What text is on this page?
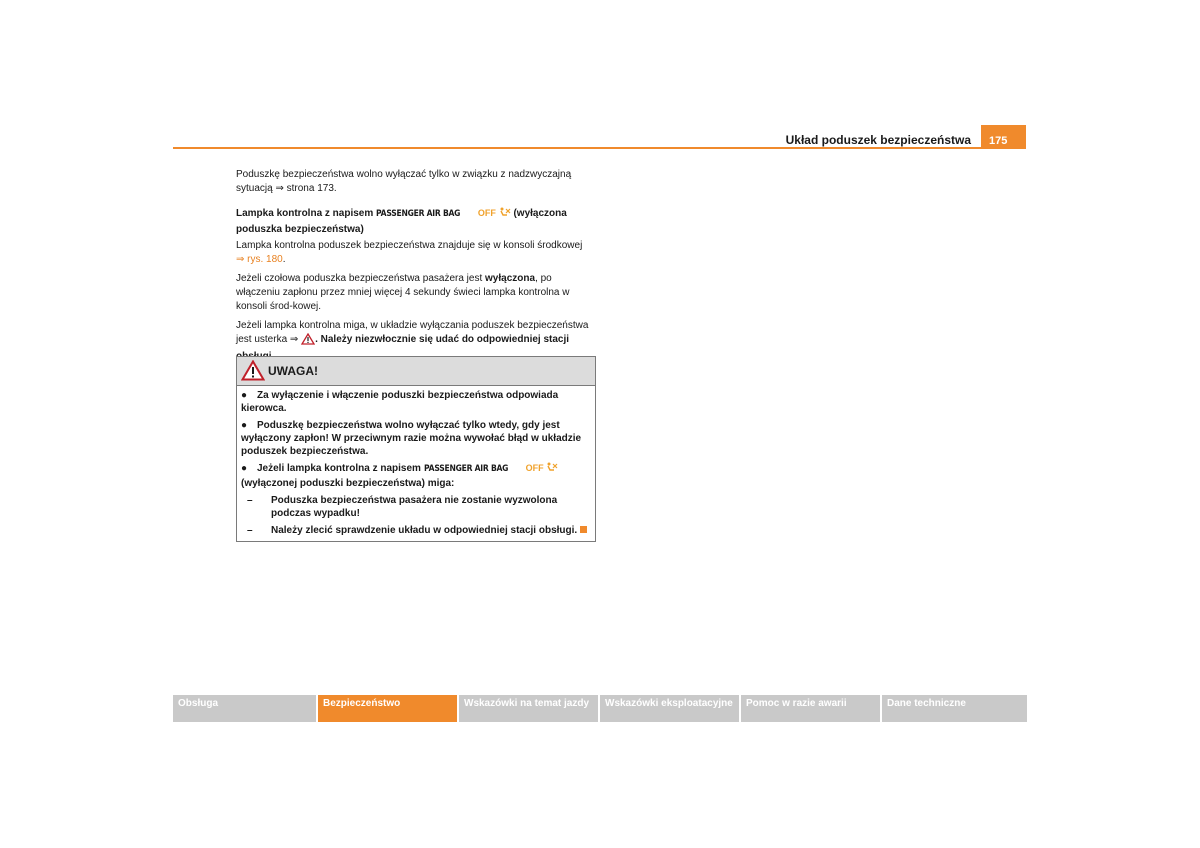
Układ poduszek bezpieczeństwa	175

Poduszkę bezpieczeństwa wolno wyłączać tylko w związku z nadzwyczajną sytuacją ⇒ strona 173.

Lampka kontrolna z napisem PASSENGER AIR BAG OFF  (wyłączona poduszka bezpieczeństwa)

Lampka kontrolna poduszek bezpieczeństwa znajduje się w konsoli środkowej
⇒ rys. 180.

Jeżeli czołowa poduszka bezpieczeństwa pasażera jest wyłączona, po włączeniu zapłonu przez mniej więcej 4 sekundy świeci lampka kontrolna w konsoli środ-kowej.

Jeżeli lampka kontrolna miga, w układzie wyłączania poduszek bezpieczeństwa jest usterka ⇒ . Należy niezwłocznie się udać do odpowiedniej stacji

UWAGA!

● Za wyłączenie i włączenie poduszki bezpieczeństwa odpowiada kierowca.

● Poduszkę bezpieczeństwa wolno wyłączać tylko wtedy, gdy jest wyłączony zapłon! W przeciwnym razie można wywołać błąd w układzie poduszek bezpieczeństwa.

● Jeżeli lampka kontrolna z napisem PASSENGER AIR BAG OFF  (wyłączonej poduszki bezpieczeństwa) miga:

– Poduszka bezpieczeństwa pasażera nie zostanie wyzwolona podczas wypadku!

– Należy zlecić sprawdzenie układu w odpowiedniej stacji obsługi.

Obsługa	Bezpieczeństwo	Wskazówki na temat jazdy	Wskazówki eksploatacyjne	Pomoc w razie awarii	Dane techniczne
